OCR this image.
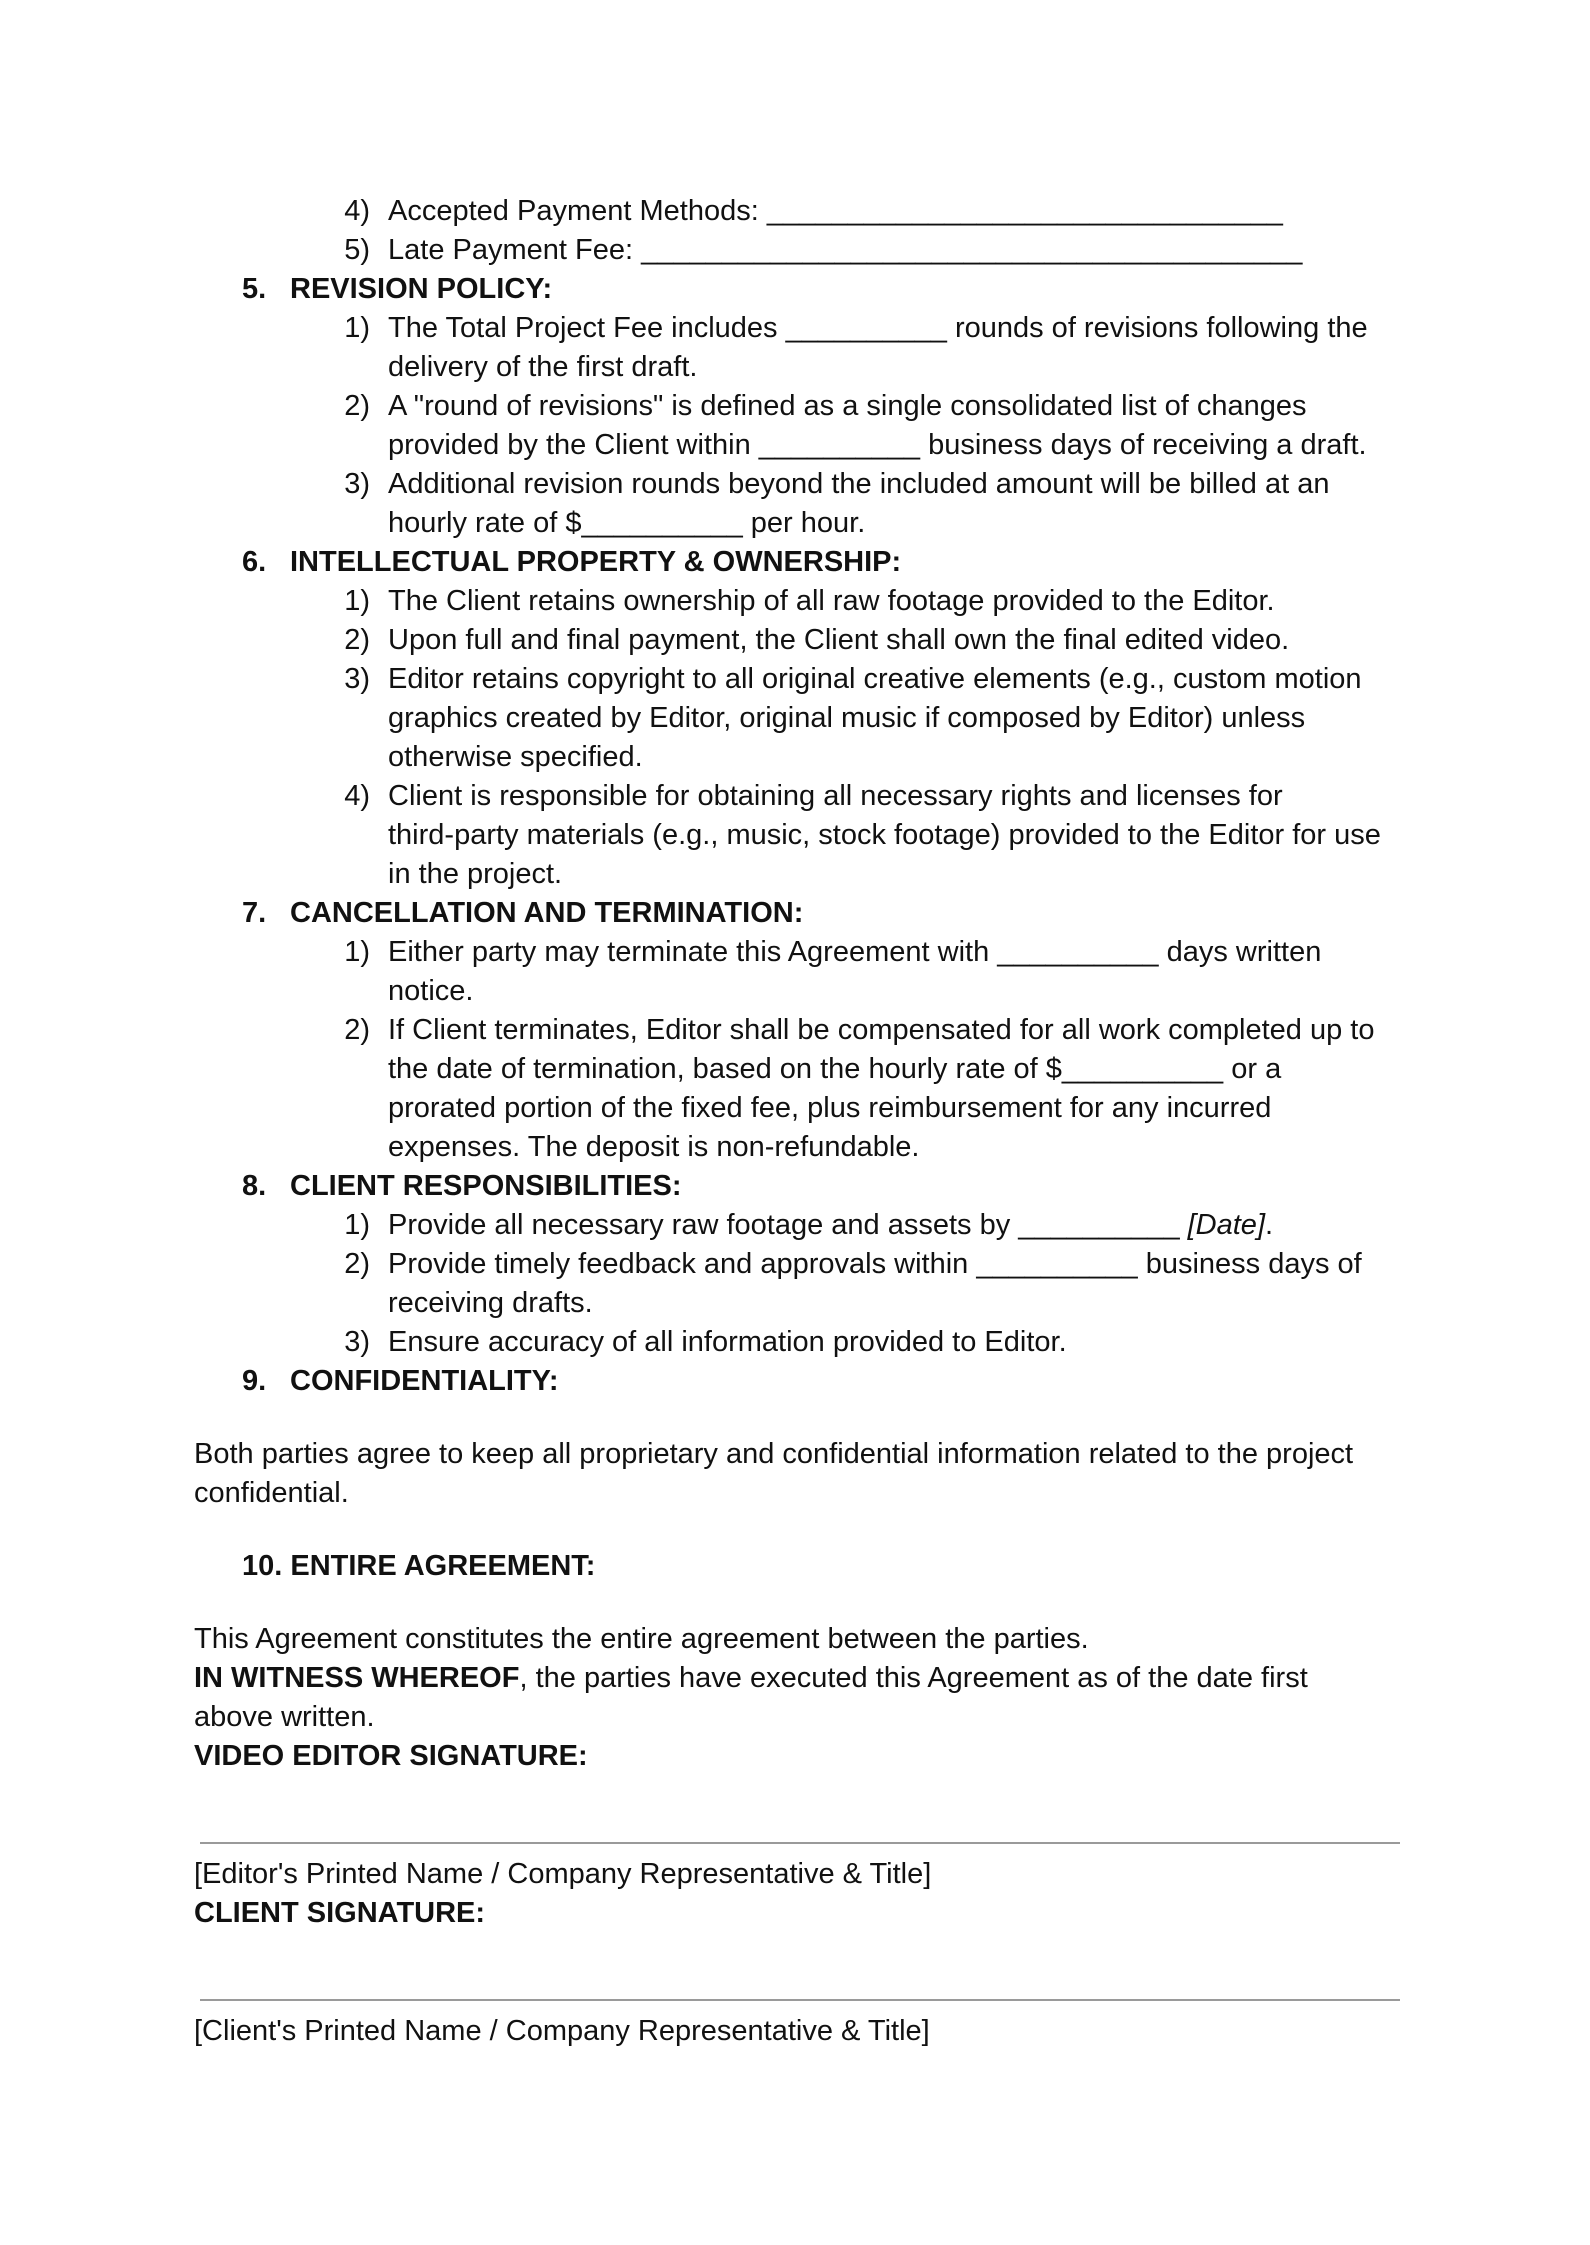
4) Accepted Payment Methods: ________________________________
5) Late Payment Fee: _________________________________________
5. REVISION POLICY:
1) The Total Project Fee includes __________ rounds of revisions following the
delivery of the first draft.
2) A "round of revisions" is defined as a single consolidated list of changes
provided by the Client within __________ business days of receiving a draft.
3) Additional revision rounds beyond the included amount will be billed at an
hourly rate of $__________ per hour.
6. INTELLECTUAL PROPERTY & OWNERSHIP:
1) The Client retains ownership of all raw footage provided to the Editor.
2) Upon full and final payment, the Client shall own the final edited video.
3) Editor retains copyright to all original creative elements (e.g., custom motion
graphics created by Editor, original music if composed by Editor) unless
otherwise specified.
4) Client is responsible for obtaining all necessary rights and licenses for
third-party materials (e.g., music, stock footage) provided to the Editor for use
in the project.
7. CANCELLATION AND TERMINATION:
1) Either party may terminate this Agreement with __________ days written
notice.
2) If Client terminates, Editor shall be compensated for all work completed up to
the date of termination, based on the hourly rate of $__________ or a
prorated portion of the fixed fee, plus reimbursement for any incurred
expenses. The deposit is non-refundable.
8. CLIENT RESPONSIBILITIES:
1) Provide all necessary raw footage and assets by __________ [Date].
2) Provide timely feedback and approvals within __________ business days of
receiving drafts.
3) Ensure accuracy of all information provided to Editor.
9. CONFIDENTIALITY:
Both parties agree to keep all proprietary and confidential information related to the project
confidential.
10. ENTIRE AGREEMENT:
This Agreement constitutes the entire agreement between the parties.
IN WITNESS WHEREOF, the parties have executed this Agreement as of the date first
above written.
VIDEO EDITOR SIGNATURE:
[Editor's Printed Name / Company Representative & Title]
CLIENT SIGNATURE:
[Client's Printed Name / Company Representative & Title]
